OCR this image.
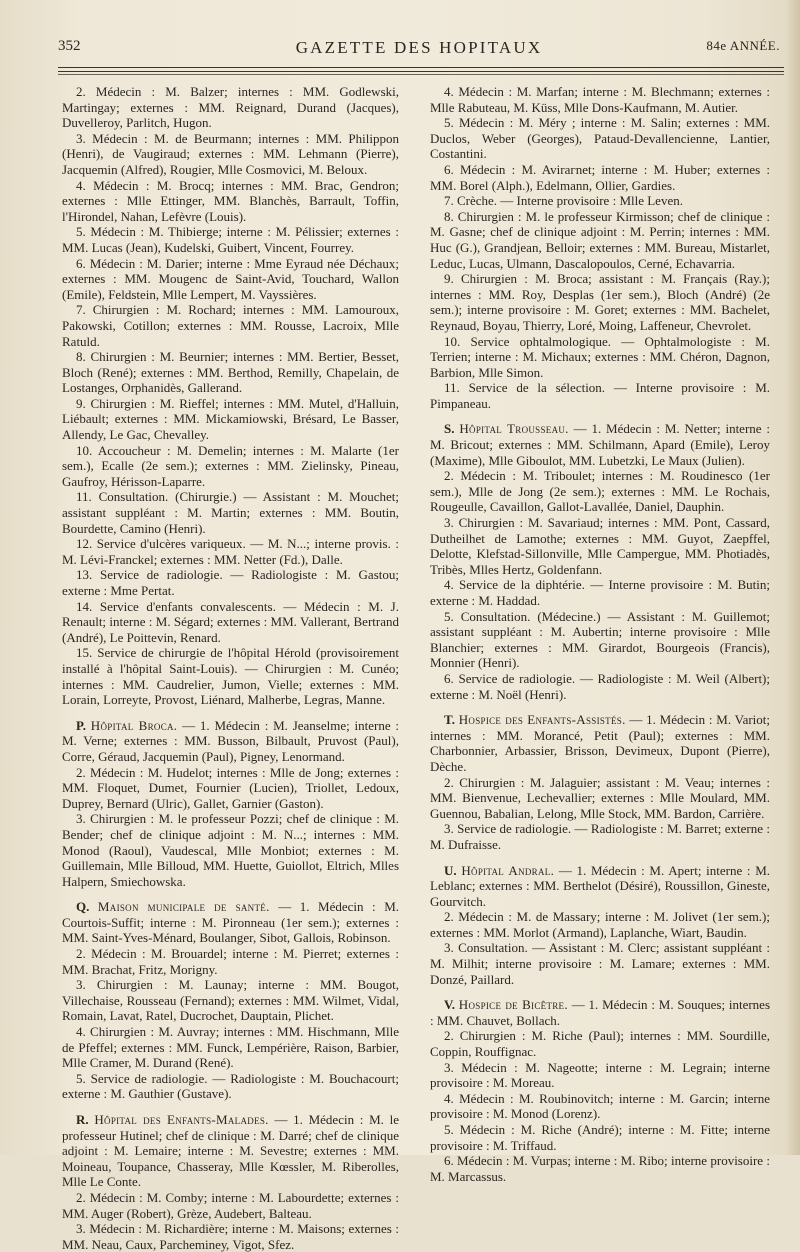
352	GAZETTE DES HOPITAUX	84e ANNÉE.

2. Médecin : M. Balzer; internes : MM. Godlewski, Martingay; externes : MM. Reignard, Durand (Jacques), Duvelleroy, Parlitch, Hugon.

3. Médecin : M. de Beurmann; internes : MM. Philippon (Henri), de Vaugiraud; externes : MM. Lehmann (Pierre), Jacquemin (Alfred), Rougier, Mlle Cosmovici, M. Beloux.

4. Médecin : M. Brocq; internes : MM. Brac, Gendron; externes : Mlle Ettinger, MM. Blanchès, Barrault, Toffin, l'Hirondel, Nahan, Lefèvre (Louis).

5. Médecin : M. Thibierge; interne : M. Pélissier; externes : MM. Lucas (Jean), Kudelski, Guibert, Vincent, Fourrey.

6. Médecin : M. Darier; interne : Mme Eyraud née Déchaux; externes : MM. Mougenc de Saint-Avid, Touchard, Wallon (Emile), Feldstein, Mlle Lempert, M. Vayssières.

7. Chirurgien : M. Rochard; internes : MM. Lamouroux, Pakowski, Cotillon; externes : MM. Rousse, Lacroix, Mlle Ratuld.

8. Chirurgien : M. Beurnier; internes : MM. Bertier, Besset, Bloch (René); externes : MM. Berthod, Remilly, Chapelain, de Lostanges, Orphanidès, Gallerand.

9. Chirurgien : M. Rieffel; internes : MM. Mutel, d'Halluin, Liébault; externes : MM. Mickamiowski, Brésard, Le Basser, Allendy, Le Gac, Chevalley.

10. Accoucheur : M. Demelin; internes : M. Malarte (1er sem.), Ecalle (2e sem.); externes : MM. Zielinsky, Pineau, Gaufroy, Hérisson-Laparre.

11. Consultation. (Chirurgie.) — Assistant : M. Mouchet; assistant suppléant : M. Martin; externes : MM. Boutin, Bourdette, Camino (Henri).

12. Service d'ulcères variqueux. — M. N...; interne provis. : M. Lévi-Franckel; externes : MM. Netter (Fd.), Dalle.

13. Service de radiologie. — Radiologiste : M. Gastou; externe : Mme Pertat.

14. Service d'enfants convalescents. — Médecin : M. J. Renault; interne : M. Ségard; externes : MM. Vallerant, Bertrand (André), Le Poittevin, Renard.

15. Service de chirurgie de l'hôpital Hérold (provisoirement installé à l'hôpital Saint-Louis). — Chirurgien : M. Cunéo; internes : MM. Caudrelier, Jumon, Vielle; externes : MM. Lorain, Lorreyte, Provost, Liénard, Malherbe, Legras, Manne.

P. Hôpital Broca. — 1. Médecin : M. Jeanselme; interne : M. Verne; externes : MM. Busson, Bilbault, Pruvost (Paul), Corre, Géraud, Jacquemin (Paul), Pigney, Lenormand.

2. Médecin : M. Hudelot; internes : Mlle de Jong; externes : MM. Floquet, Dumet, Fournier (Lucien), Triollet, Ledoux, Duprey, Bernard (Ulric), Gallet, Garnier (Gaston).

3. Chirurgien : M. le professeur Pozzi; chef de clinique : M. Bender; chef de clinique adjoint : M. N...; internes : MM. Monod (Raoul), Vaudescal, Mlle Monbiot; externes : M. Guillemain, Mlle Billoud, MM. Huette, Guiollot, Eltrich, Mlles Halpern, Smiechowska.

Q. Maison municipale de santé. — 1. Médecin : M. Courtois-Suffit; interne : M. Pironneau (1er sem.); externes : MM. Saint-Yves-Ménard, Boulanger, Sibot, Gallois, Robinson.

2. Médecin : M. Brouardel; interne : M. Pierret; externes : MM. Brachat, Fritz, Morigny.

3. Chirurgien : M. Launay; interne : MM. Bougot, Villechaise, Rousseau (Fernand); externes : MM. Wilmet, Vidal, Romain, Lavat, Ratel, Ducrochet, Dauptain, Plichet.

4. Chirurgien : M. Auvray; internes : MM. Hischmann, Mlle de Pfeffel; externes : MM. Funck, Lempérière, Raison, Barbier, Mlle Cramer, M. Durand (René).

5. Service de radiologie. — Radiologiste : M. Bouchacourt; externe : M. Gauthier (Gustave).

R. Hôpital des Enfants-Malades. — 1. Médecin : M. le professeur Hutinel; chef de clinique : M. Darré; chef de clinique adjoint : M. Lemaire; interne : M. Sevestre; externes : MM. Moineau, Toupance, Chasseray, Mlle Kœssler, M. Riberolles, Mlle Le Conte.

2. Médecin : M. Comby; interne : M. Labourdette; externes : MM. Auger (Robert), Grèze, Audebert, Balteau.

3. Médecin : M. Richardière; interne : M. Maisons; externes : MM. Neau, Caux, Parchemineу, Vigot, Sfez.

4. Médecin : M. Marfan; interne : M. Blechmann; externes : Mlle Rabuteau, M. Küss, Mlle Dons-Kaufmann, M. Autier.

5. Médecin : M. Méry ; interne : M. Salin; externes : MM. Duclos, Weber (Georges), Pataud-Devallencienne, Lantier, Costantini.

6. Médecin : M. Avirагnet; interne : M. Huber; externes : MM. Borel (Alph.), Edelmann, Ollier, Gardies.

7. Crèche. — Interne provisoire : Mlle Leven.

8. Chirurgien : M. le professeur Kirmisson; chef de clinique : M. Gasne; chef de clinique adjoint : M. Perrin; internes : MM. Huc (G.), Grandjean, Belloir; externes : MM. Bureau, Mistarlet, Leduc, Lucas, Ulmann, Dascalopoulos, Cerné, Echavarria.

9. Chirurgien : M. Broca; assistant : M. Français (Ray.); internes : MM. Roy, Desplas (1er sem.), Bloch (André) (2e sem.); interne provisoire : M. Goret; externes : MM. Bachelet, Reynaud, Boyau, Thierry, Loré, Moing, Laffeneur, Chevrolet.

10. Service ophtalmologique. — Ophtalmologiste : M. Terrien; interne : M. Michaux; externes : MM. Chéron, Dagnon, Barbion, Mlle Simon.

11. Service de la sélection. — Interne provisoire : M. Pimpaneau.

S. Hôpital Trousseau. — 1. Médecin : M. Netter; interne : M. Bricout; externes : MM. Schilmann, Apard (Emile), Leroy (Maxime), Mlle Giboulot, MM. Lubetzki, Le Maux (Julien).

2. Médecin : M. Triboulet; internes : M. Roudinesco (1er sem.), Mlle de Jong (2e sem.); externes : MM. Le Rochais, Rougeulle, Cavaillon, Gallot-Lavallée, Daniel, Dauphin.

3. Chirurgien : M. Savariaud; internes : MM. Pont, Cassard, Dutheilhet de Lamothe; externes : MM. Guyot, Zaepffel, Delotte, Klefstad-Sillonville, Mlle Campergue, MM. Photiadès, Tribès, Mlles Hertz, Goldenfann.

4. Service de la diphtérie. — Interne provisoire : M. Butin; externe : M. Haddad.

5. Consultation. (Médecine.) — Assistant : M. Guillemot; assistant suppléant : M. Aubertin; interne provisoire : Mlle Blanchier; externes : MM. Girardot, Bourgeois (Francis), Monnier (Henri).

6. Service de radiologie. — Radiologiste : M. Weil (Albert); externe : M. Noël (Henri).

T. Hospice des Enfants-Assistés. — 1. Médecin : M. Variot; internes : MM. Morancé, Petit (Paul); externes : MM. Charbonnier, Arbassier, Brisson, Devimeux, Dupont (Pierre), Dèche.

2. Chirurgien : M. Jalaguier; assistant : M. Veau; internes : MM. Bienvenue, Lechevallier; externes : Mlle Moulard, MM. Guennou, Babalian, Lelong, Mlle Stock, MM. Bardon, Carrière.

3. Service de radiologie. — Radiologiste : M. Barret; externe : M. Dufraisse.

U. Hôpital Andral. — 1. Médecin : M. Apert; interne : M. Leblanc; externes : MM. Berthelot (Désiré), Roussillon, Gineste, Gourvitch.

2. Médecin : M. de Massary; interne : M. Jolivet (1er sem.); externes : MM. Morlot (Armand), Laplanche, Wiart, Baudin.

3. Consultation. — Assistant : M. Clerc; assistant suppléant : M. Milhit; interne provisoire : M. Lamare; externes : MM. Donzé, Paillard.

V. Hospice de Bicêtre. — 1. Médecin : M. Souques; internes : MM. Chauvet, Bollach.

2. Chirurgien : M. Riche (Paul); internes : MM. Sourdille, Coppin, Rouffignac.

3. Médecin : M. Nageotte; interne : M. Legrain; interne provisoire : M. Moreau.

4. Médecin : M. Roubinovitch; interne : M. Garcin; interne provisoire : M. Monod (Lorenz).

5. Médecin : M. Riche (André); interne : M. Fitte; interne provisoire : M. Triffaud.

6. Médecin : M. Vurpas; interne : M. Ribo; interne provisoire : M. Marcassus.
